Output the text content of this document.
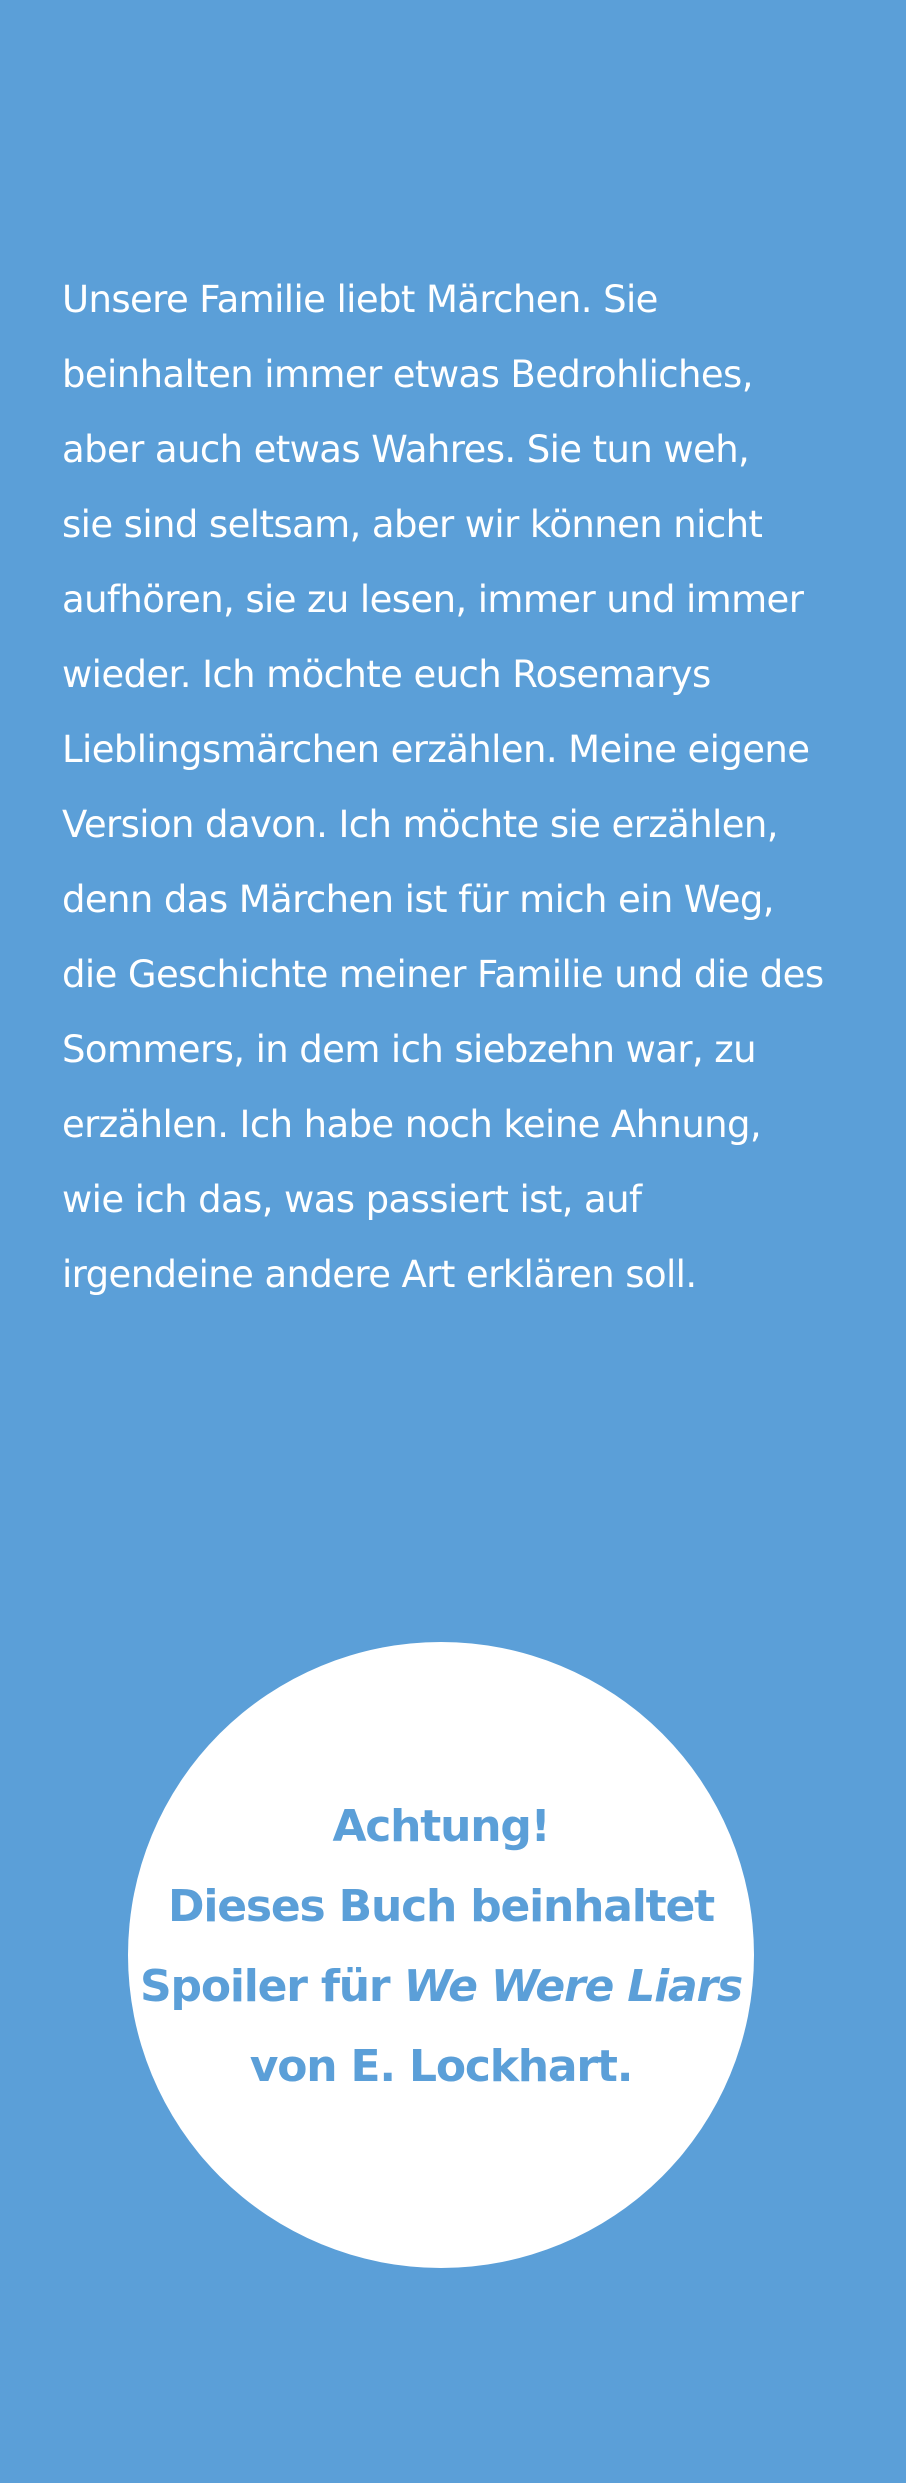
Unsere Familie liebt Märchen. Sie
beinhalten immer etwas Bedrohliches,
aber auch etwas Wahres. Sie tun weh,
sie sind seltsam, aber wir können nicht
aufhören, sie zu lesen, immer und immer
wieder. Ich möchte euch Rosemarys
Lieblingsmärchen erzählen. Meine eigene
Version davon. Ich möchte sie erzählen,
denn das Märchen ist für mich ein Weg,
die Geschichte meiner Familie und die des
Sommers, in dem ich siebzehn war, zu
erzählen. Ich habe noch keine Ahnung,
wie ich das, was passiert ist, auf
irgendeine andere Art erklären soll.
Achtung!
Dieses Buch beinhaltet
Spoiler für We Were Liars
von E. Lockhart.
